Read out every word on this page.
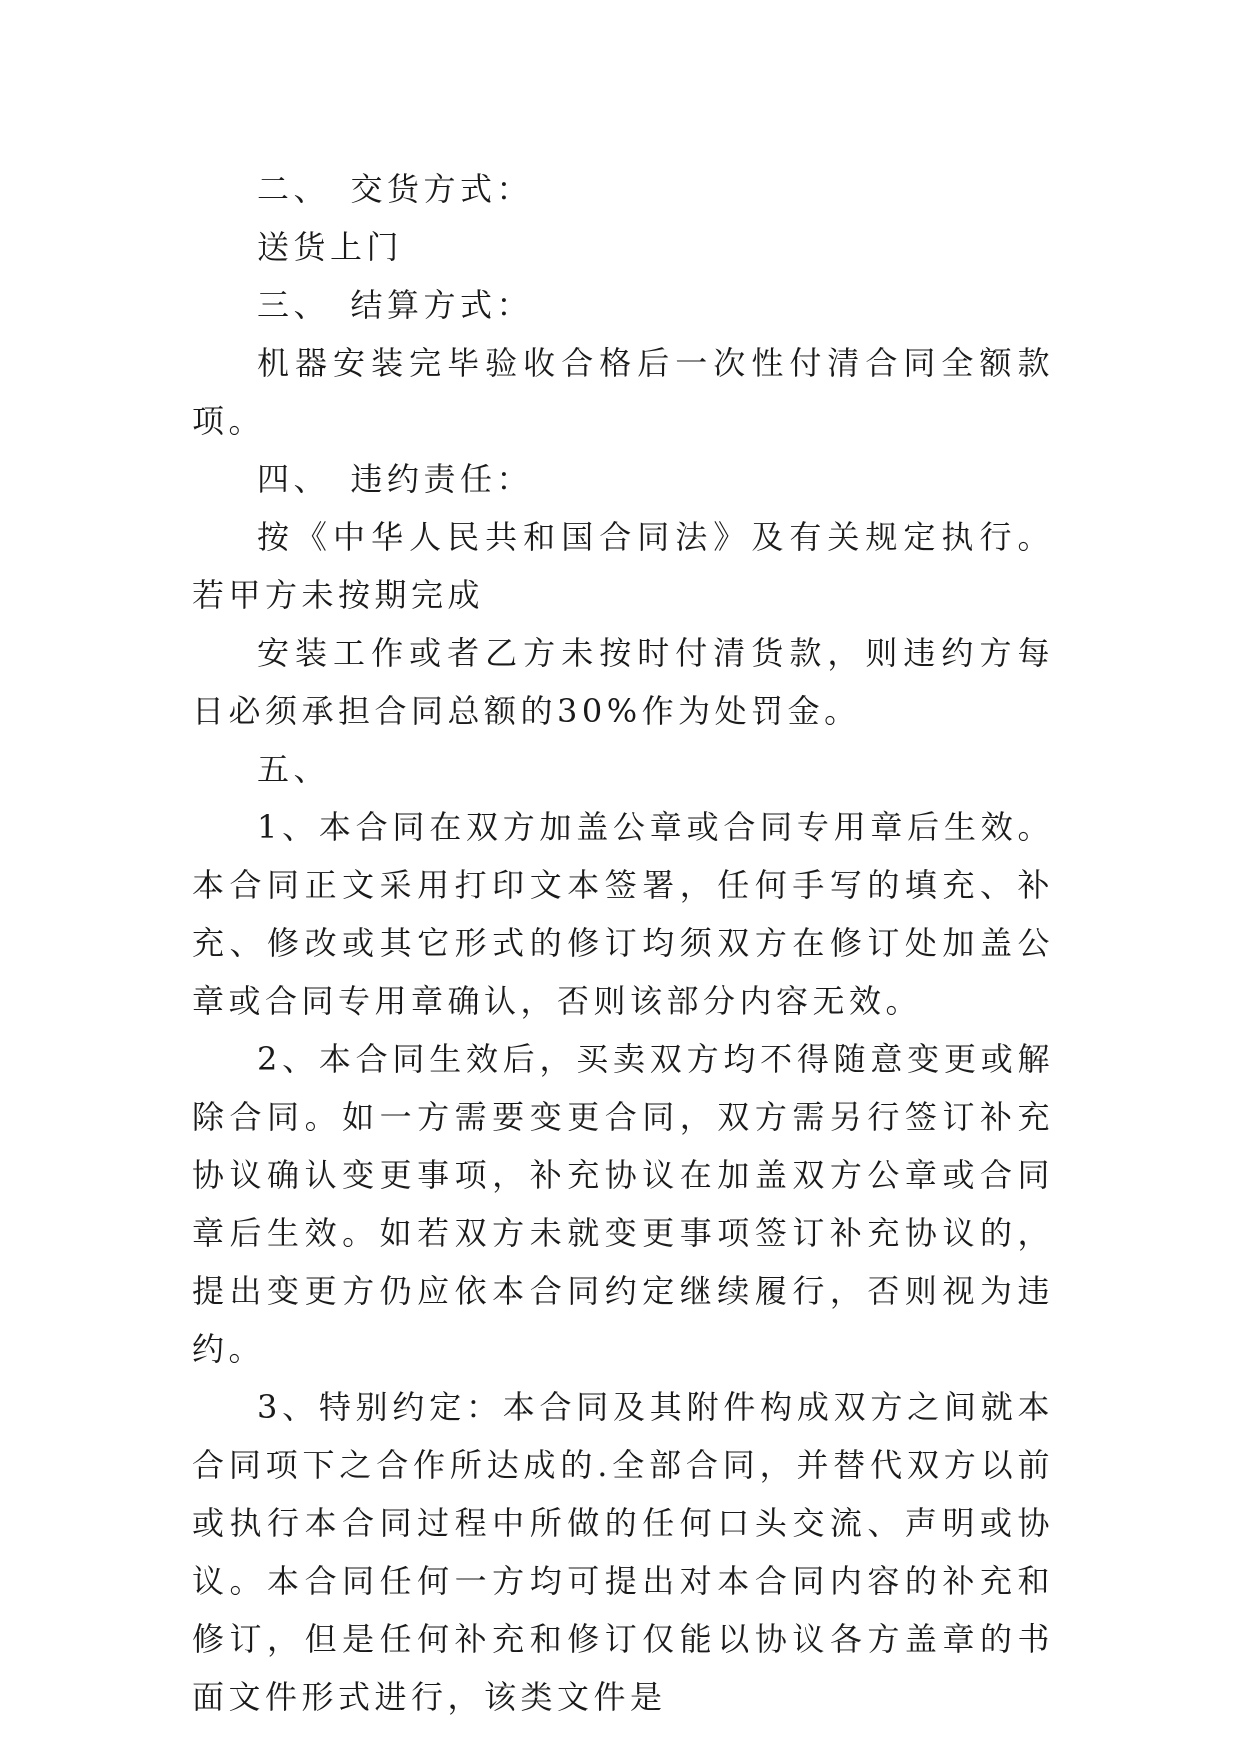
二、　交货方式：

送货上门

三、　结算方式：

机器安装完毕验收合格后一次性付清合同全额款项。

四、　违约责任：

按《中华人民共和国合同法》及有关规定执行。若甲方未按期完成

安装工作或者乙方未按时付清货款，则违约方每日必须承担合同总额的30%作为处罚金。

五、

1、本合同在双方加盖公章或合同专用章后生效。本合同正文采用打印文本签署，任何手写的填充、补充、修改或其它形式的修订均须双方在修订处加盖公章或合同专用章确认，否则该部分内容无效。

2、本合同生效后，买卖双方均不得随意变更或解除合同。如一方需要变更合同，双方需另行签订补充协议确认变更事项，补充协议在加盖双方公章或合同章后生效。如若双方未就变更事项签订补充协议的，提出变更方仍应依本合同约定继续履行，否则视为违约。

3、特别约定：本合同及其附件构成双方之间就本合同项下之合作所达成的.全部合同，并替代双方以前或执行本合同过程中所做的任何口头交流、声明或协议。本合同任何一方均可提出对本合同内容的补充和修订，但是任何补充和修订仅能以协议各方盖章的书面文件形式进行，该类文件是
